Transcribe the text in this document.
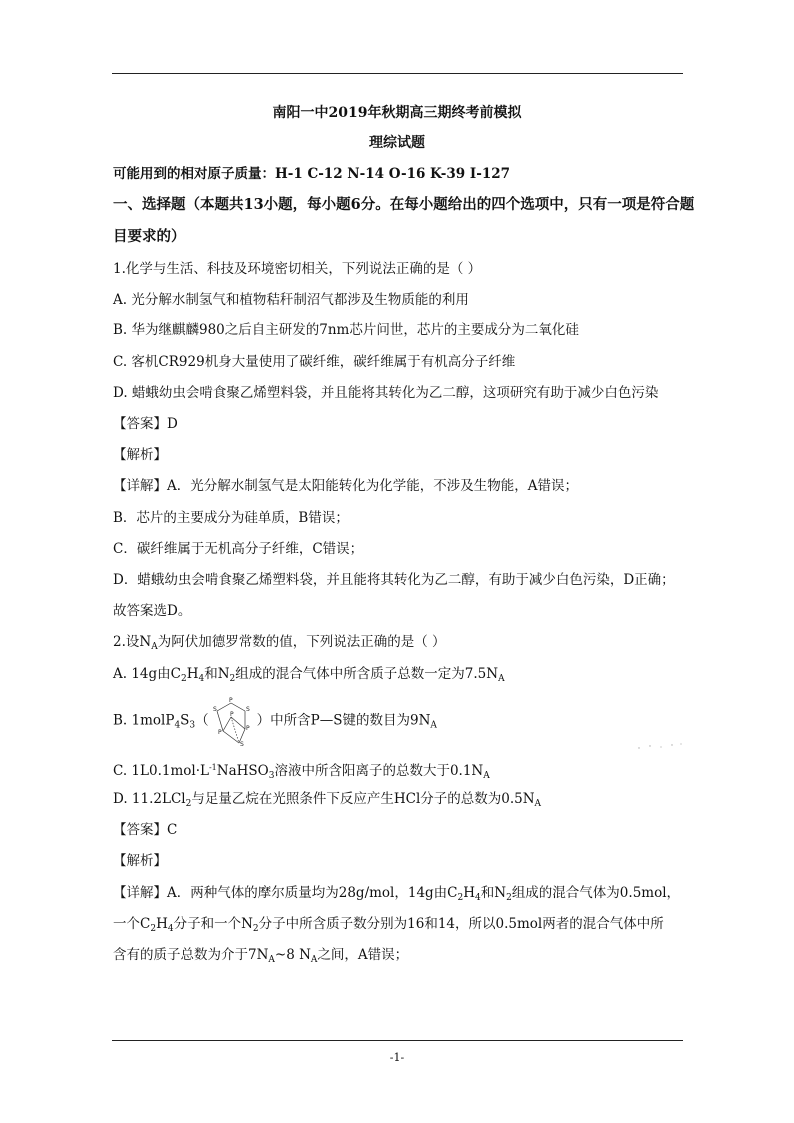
南阳一中2019年秋期高三期终考前模拟
理综试题
可能用到的相对原子质量：H-1 C-12 N-14 O-16 K-39 I-127
一、选择题（本题共13小题，每小题6分。在每小题给出的四个选项中，只有一项是符合题
目要求的）
1.化学与生活、科技及环境密切相关，下列说法正确的是（ ）
A. 光分解水制氢气和植物秸秆制沼气都涉及生物质能的利用
B. 华为继麒麟980之后自主研发的7nm芯片问世，芯片的主要成分为二氧化硅
C. 客机CR929机身大量使用了碳纤维，碳纤维属于有机高分子纤维
D. 蜡蛾幼虫会啃食聚乙烯塑料袋，并且能将其转化为乙二醇，这项研究有助于减少白色污染
【答案】D
【解析】
【详解】A．光分解水制氢气是太阳能转化为化学能，不涉及生物能，A错误；
B．芯片的主要成分为硅单质，B错误；
C．碳纤维属于无机高分子纤维，C错误；
D．蜡蛾幼虫会啃食聚乙烯塑料袋，并且能将其转化为乙二醇，有助于减少白色污染，D正确；
故答案选D。
2.设$N_A$为阿伏加德罗常数的值，下列说法正确的是（ ）
A. 14g由$C_2H_4$和$N_2$组成的混合气体中所含质子总数一定为$7.5N_A$
B. $1molP_4S_3$（
P
S	S
P
P
P
S
）中所含P—S键的数目为$9N_A$
C. $1L0.1mol\cdot L^{-1}NaHSO_3$溶液中所含阳离子的总数大于$0.1N_A$
D. 11.2LCl$_2$与足量乙烷在光照条件下反应产生HCl分子的总数为$0.5N_A$
【答案】C
【解析】
【详解】A．两种气体的摩尔质量均为28g/mol，14g由$C_2H_4$和$N_2$组成的混合气体为0.5mol，
一个$C_2H_4$分子和一个$N_2$分子中所含质子数分别为16和14，所以0.5mol两者的混合气体中所
含有的质子总数为介于$7N_A\sim 8$ $N_A$之间，A错误；
-1-
